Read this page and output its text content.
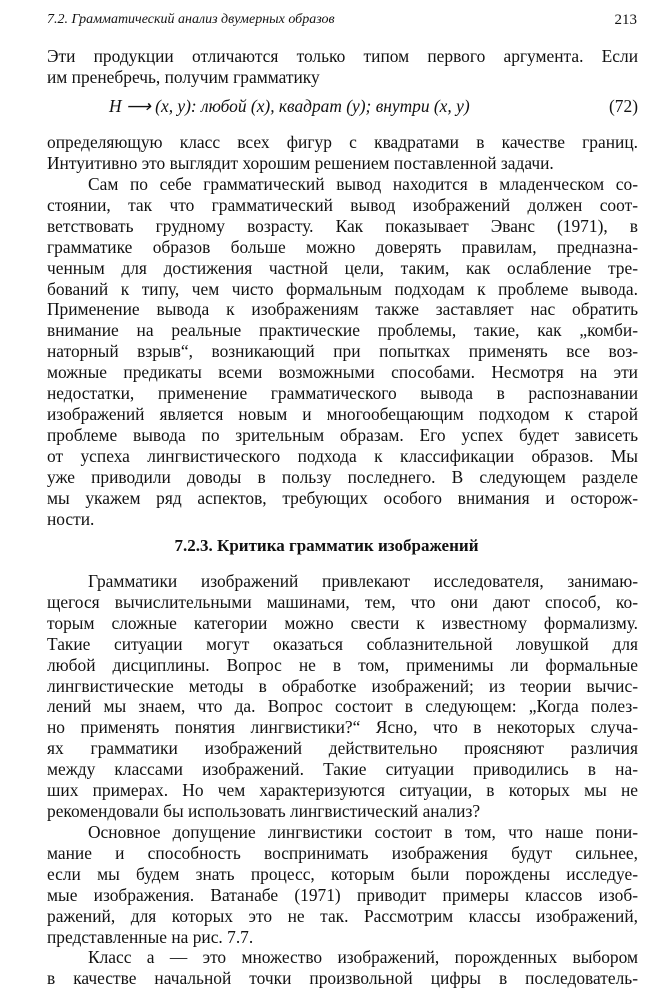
7.2. Грамматический анализ двумерных образов	213
Эти продукции отличаются только типом первого аргумента. Если
им пренебречь, получим грамматику
H ⟶ (x, y): любой (x), квадрат (y); внутри (x, y)	(72)
определяющую класс всех фигур с квадратами в качестве границ.
Интуитивно это выглядит хорошим решением поставленной задачи.
Сам по себе грамматический вывод находится в младенческом со-
стоянии, так что грамматический вывод изображений должен соот-
ветствовать грудному возрасту. Как показывает Эванс (1971), в
грамматике образов больше можно доверять правилам, предназна-
ченным для достижения частной цели, таким, как ослабление тре-
бований к типу, чем чисто формальным подходам к проблеме вывода.
Применение вывода к изображениям также заставляет нас обратить
внимание на реальные практические проблемы, такие, как „комби-
наторный взрыв“, возникающий при попытках применять все воз-
можные предикаты всеми возможными способами. Несмотря на эти
недостатки, применение грамматического вывода в распознавании
изображений является новым и многообещающим подходом к старой
проблеме вывода по зрительным образам. Его успех будет зависеть
от успеха лингвистического подхода к классификации образов. Мы
уже приводили доводы в пользу последнего. В следующем разделе
мы укажем ряд аспектов, требующих особого внимания и осторож-
ности.
7.2.3. Критика грамматик изображений
Грамматики изображений привлекают исследователя, занимаю-
щегося вычислительными машинами, тем, что они дают способ, ко-
торым сложные категории можно свести к известному формализму.
Такие ситуации могут оказаться соблазнительной ловушкой для
любой дисциплины. Вопрос не в том, применимы ли формальные
лингвистические методы в обработке изображений; из теории вычис-
лений мы знаем, что да. Вопрос состоит в следующем: „Когда полез-
но применять понятия лингвистики?“ Ясно, что в некоторых случа-
ях грамматики изображений действительно проясняют различия
между классами изображений. Такие ситуации приводились в на-
ших примерах. Но чем характеризуются ситуации, в которых мы не
рекомендовали бы использовать лингвистический анализ?
Основное допущение лингвистики состоит в том, что наше пони-
мание и способность воспринимать изображения будут сильнее,
если мы будем знать процесс, которым были порождены исследуе-
мые изображения. Ватанабе (1971) приводит примеры классов изоб-
ражений, для которых это не так. Рассмотрим классы изображений,
представленные на рис. 7.7.
Класс a — это множество изображений, порожденных выбором
в качестве начальной точки произвольной цифры в последователь-
